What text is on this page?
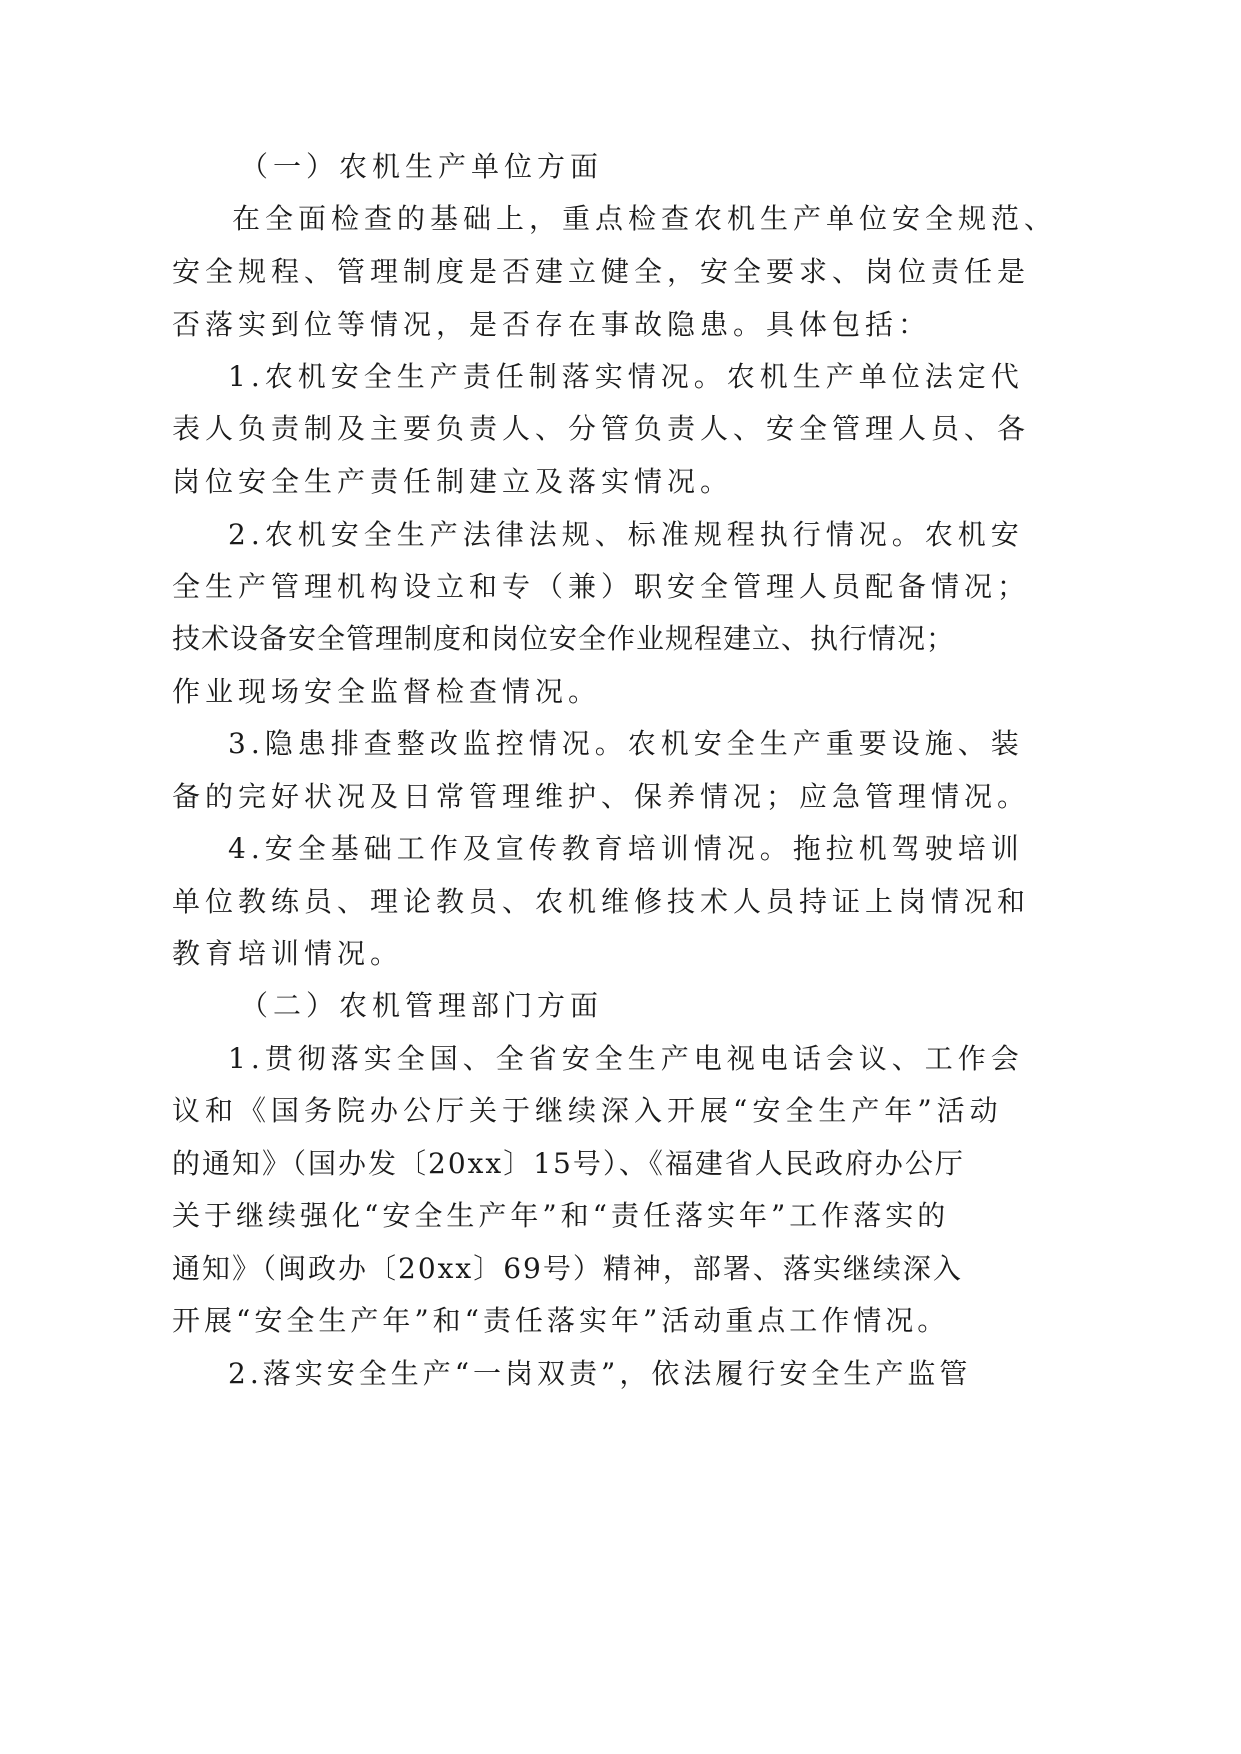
（一）农机生产单位方面
在全面检查的基础上，重点检查农机生产单位安全规范、
安全规程、管理制度是否建立健全，安全要求、岗位责任是
否落实到位等情况，是否存在事故隐患。具体包括：
1.农机安全生产责任制落实情况。农机生产单位法定代
表人负责制及主要负责人、分管负责人、安全管理人员、各
岗位安全生产责任制建立及落实情况。
2.农机安全生产法律法规、标准规程执行情况。农机安
全生产管理机构设立和专（兼）职安全管理人员配备情况；
技术设备安全管理制度和岗位安全作业规程建立、执行情况；
作业现场安全监督检查情况。
3.隐患排查整改监控情况。农机安全生产重要设施、装
备的完好状况及日常管理维护、保养情况；应急管理情况。
4.安全基础工作及宣传教育培训情况。拖拉机驾驶培训
单位教练员、理论教员、农机维修技术人员持证上岗情况和
教育培训情况。
（二）农机管理部门方面
1.贯彻落实全国、全省安全生产电视电话会议、工作会
议和《国务院办公厅关于继续深入开展“安全生产年”活动
的通知》（国办发〔20xx〕15号）、《福建省人民政府办公厅
关于继续强化“安全生产年”和“责任落实年”工作落实的
通知》（闽政办〔20xx〕69号）精神，部署、落实继续深入
开展“安全生产年”和“责任落实年”活动重点工作情况。
2.落实安全生产“一岗双责”，依法履行安全生产监管
